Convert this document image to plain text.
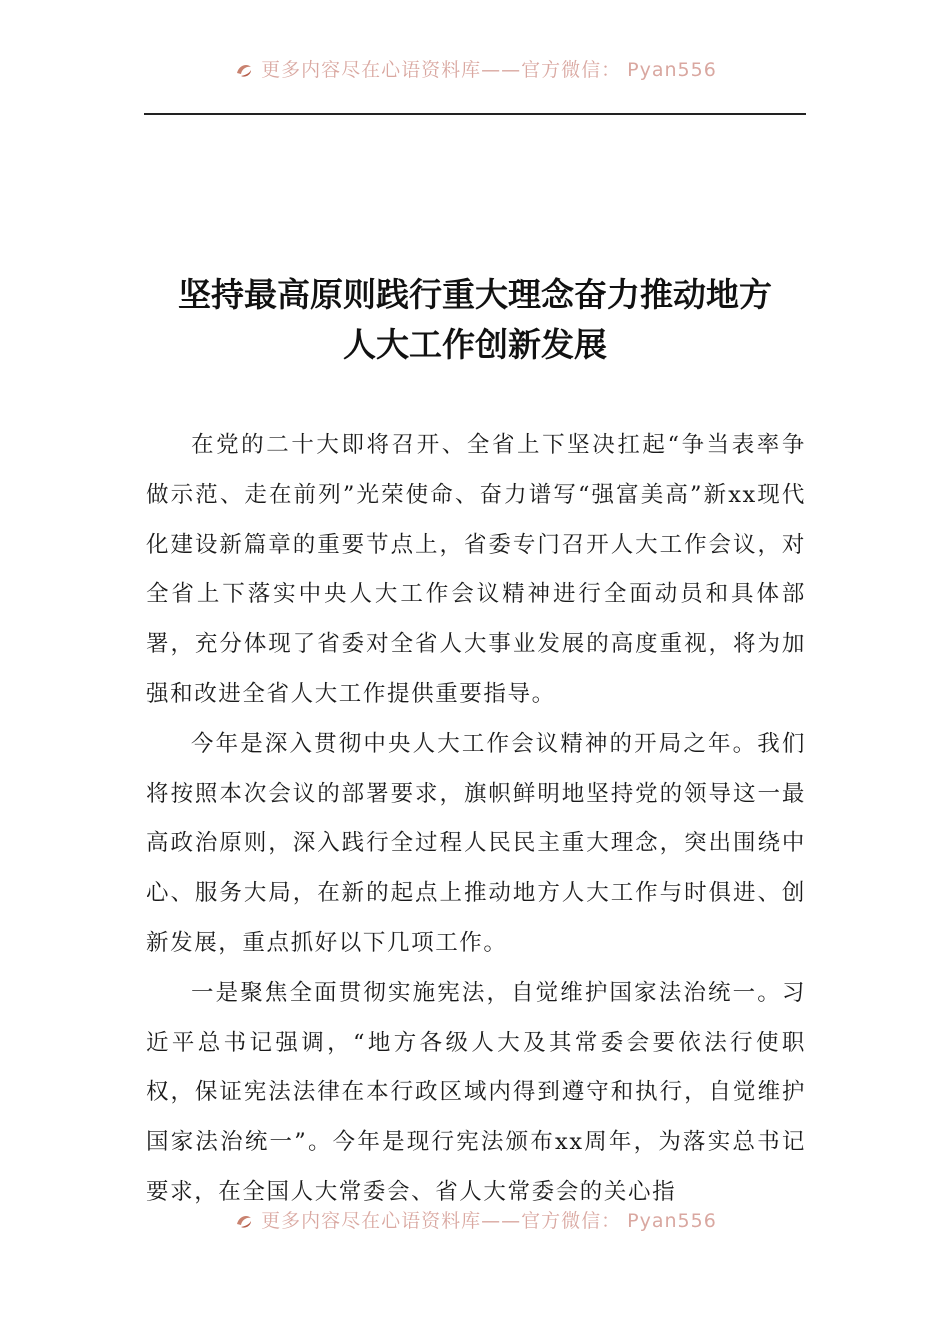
更多内容尽在心语资料库——官方微信： Pyan556
坚持最高原则践行重大理念奋力推动地方
人大工作创新发展

在党的二十大即将召开、全省上下坚决扛起“争当表率争做示范、走在前列”光荣使命、奋力谱写“强富美高”新xx现代化建设新篇章的重要节点上，省委专门召开人大工作会议，对全省上下落实中央人大工作会议精神进行全面动员和具体部署，充分体现了省委对全省人大事业发展的高度重视，将为加强和改进全省人大工作提供重要指导。

今年是深入贯彻中央人大工作会议精神的开局之年。我们将按照本次会议的部署要求，旗帜鲜明地坚持党的领导这一最高政治原则，深入践行全过程人民民主重大理念，突出围绕中心、服务大局，在新的起点上推动地方人大工作与时俱进、创新发展，重点抓好以下几项工作。

一是聚焦全面贯彻实施宪法，自觉维护国家法治统一。习近平总书记强调，“地方各级人大及其常委会要依法行使职权，保证宪法法律在本行政区域内得到遵守和执行，自觉维护国家法治统一”。今年是现行宪法颁布xx周年，为落实总书记要求，在全国人大常委会、省人大常委会的关心指

更多内容尽在心语资料库——官方微信： Pyan556
